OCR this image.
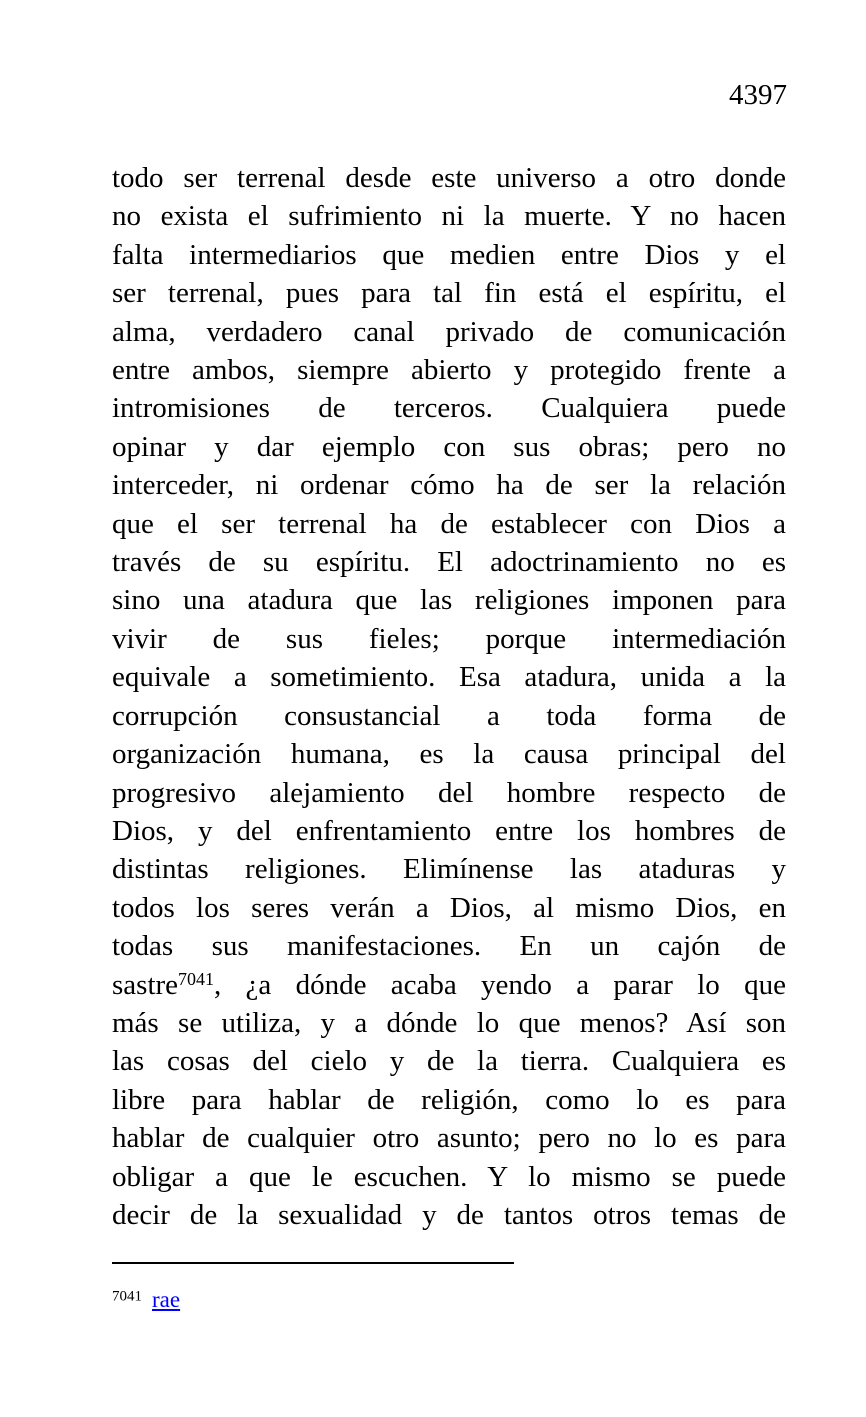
4397
todo ser terrenal desde este universo a otro donde
no exista el sufrimiento ni la muerte. Y no hacen
falta intermediarios que medien entre Dios y el
ser terrenal, pues para tal fin está el espíritu, el
alma, verdadero canal privado de comunicación
entre ambos, siempre abierto y protegido frente a
intromisiones de terceros. Cualquiera puede
opinar y dar ejemplo con sus obras; pero no
interceder, ni ordenar cómo ha de ser la relación
que el ser terrenal ha de establecer con Dios a
través de su espíritu. El adoctrinamiento no es
sino una atadura que las religiones imponen para
vivir de sus fieles; porque intermediación
equivale a sometimiento. Esa atadura, unida a la
corrupción consustancial a toda forma de
organización humana, es la causa principal del
progresivo alejamiento del hombre respecto de
Dios, y del enfrentamiento entre los hombres de
distintas religiones. Elimínense las ataduras y
todos los seres verán a Dios, al mismo Dios, en
todas sus manifestaciones. En un cajón de
sastre$^{7041}$, ¿a dónde acaba yendo a parar lo que
más se utiliza, y a dónde lo que menos? Así son
las cosas del cielo y de la tierra. Cualquiera es
libre para hablar de religión, como lo es para
hablar de cualquier otro asunto; pero no lo es para
obligar a que le escuchen. Y lo mismo se puede
decir de la sexualidad y de tantos otros temas de
$^{7041}$ rae
